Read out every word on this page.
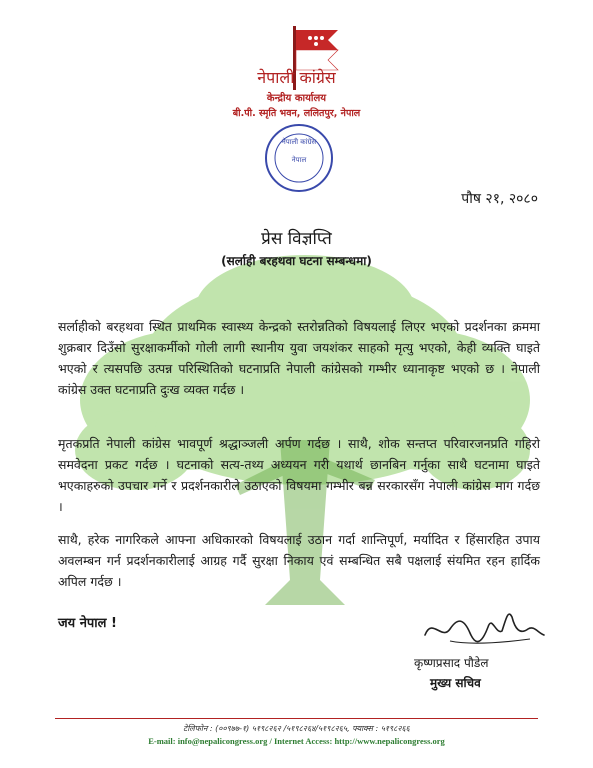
नेपाली कांग्रेस
केन्द्रीय कार्यालय
बी.पी. स्मृति भवन, ललितपुर, नेपाल
नेपाली कांग्रेस
नेपाल
पौष २१, २०८०
प्रेस विज्ञप्ति
(सर्लाही बरहथवा घटना सम्बन्धमा)
सर्लाहीको बरहथवा स्थित प्राथमिक स्वास्थ्य केन्द्रको स्तरोन्नतिको विषयलाई लिएर भएको प्रदर्शनका क्रममा शुक्रबार दिउँसो सुरक्षाकर्मीको गोली लागी स्थानीय युवा जयशंकर साहको मृत्यु भएको, केही व्यक्ति घाइते भएको र त्यसपछि उत्पन्न परिस्थितिको घटनाप्रति नेपाली कांग्रेसको गम्भीर ध्यानाकृष्ट भएको छ । नेपाली कांग्रेस उक्त घटनाप्रति दुःख व्यक्त गर्दछ ।
मृतकप्रति नेपाली कांग्रेस भावपूर्ण श्रद्धाञ्जली अर्पण गर्दछ । साथै, शोक सन्तप्त परिवारजनप्रति गहिरो समवेदना प्रकट गर्दछ । घटनाको सत्य-तथ्य अध्ययन गरी यथार्थ छानबिन गर्नुका साथै घटनामा घाइते भएकाहरुको उपचार गर्ने र प्रदर्शनकारीले उठाएको विषयमा गम्भीर बन्न सरकारसँग नेपाली कांग्रेस माग गर्दछ ।
साथै, हरेक नागरिकले आफ्ना अधिकारको विषयलाई उठान गर्दा शान्तिपूर्ण, मर्यादित र हिंसारहित उपाय अवलम्बन गर्न प्रदर्शनकारीलाई आग्रह गर्दै सुरक्षा निकाय एवं सम्बन्धित सबै पक्षलाई संयमित रहन हार्दिक अपिल गर्दछ ।
जय नेपाल !
कृष्णप्रसाद पौडेल
मुख्य सचिव
टेलिफोन : (००९७७-१) ५१९८२६२ /५१९८२६४/५१९८२६५, फ्याक्स : ५१९८२६६
E-mail: info@nepalicongress.org / Internet Access: http://www.nepalicongress.org
